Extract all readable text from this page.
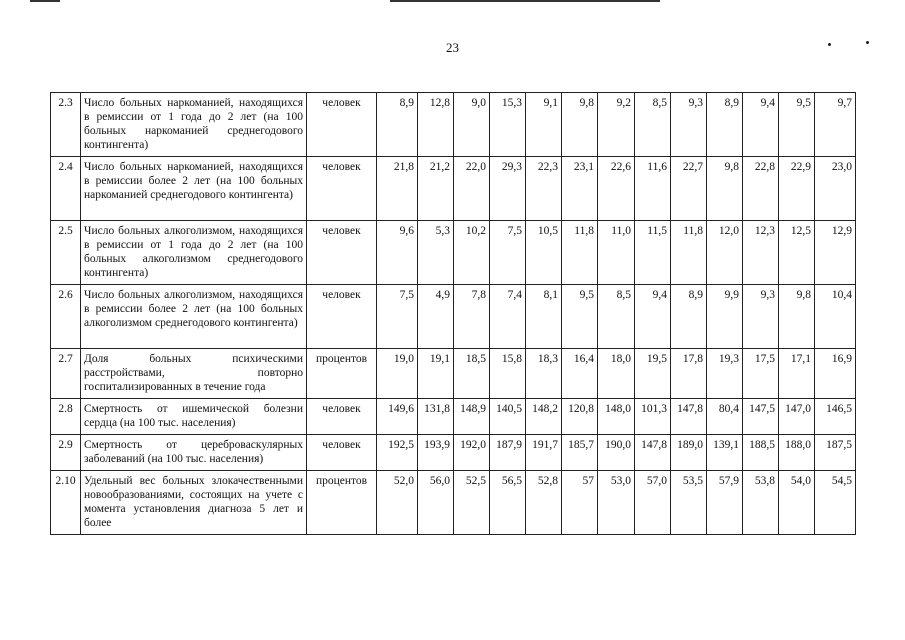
23
2.3	Число больных наркоманией, находящихся в ремиссии от 1 года до 2 лет (на 100 больных наркоманией среднегодового контингента)	человек	8,9	12,8	9,0	15,3	9,1	9,8	9,2	8,5	9,3	8,9	9,4	9,5	9,7
2.4	Число больных наркоманией, находящихся в ремиссии более 2 лет (на 100 больных наркоманией среднегодового контингента)	человек	21,8	21,2	22,0	29,3	22,3	23,1	22,6	11,6	22,7	9,8	22,8	22,9	23,0
2.5	Число больных алкоголизмом, находящихся в ремиссии от 1 года до 2 лет (на 100 больных алкоголизмом среднегодового контингента)	человек	9,6	5,3	10,2	7,5	10,5	11,8	11,0	11,5	11,8	12,0	12,3	12,5	12,9
2.6	Число больных алкоголизмом, находящихся в ремиссии более 2 лет (на 100 больных алкоголизмом среднегодового контингента)	человек	7,5	4,9	7,8	7,4	8,1	9,5	8,5	9,4	8,9	9,9	9,3	9,8	10,4
2.7	Доля больных психическими расстройствами, повторно госпитализированных в течение года	процентов	19,0	19,1	18,5	15,8	18,3	16,4	18,0	19,5	17,8	19,3	17,5	17,1	16,9
2.8	Смертность от ишемической болезни сердца (на 100 тыс. населения)	человек	149,6	131,8	148,9	140,5	148,2	120,8	148,0	101,3	147,8	80,4	147,5	147,0	146,5
2.9	Смертность от цереброваскулярных заболеваний (на 100 тыс. населения)	человек	192,5	193,9	192,0	187,9	191,7	185,7	190,0	147,8	189,0	139,1	188,5	188,0	187,5
2.10	Удельный вес больных злокачественными новообразованиями, состоящих на учете с момента установления диагноза 5 лет и более	процентов	52,0	56,0	52,5	56,5	52,8	57	53,0	57,0	53,5	57,9	53,8	54,0	54,5
